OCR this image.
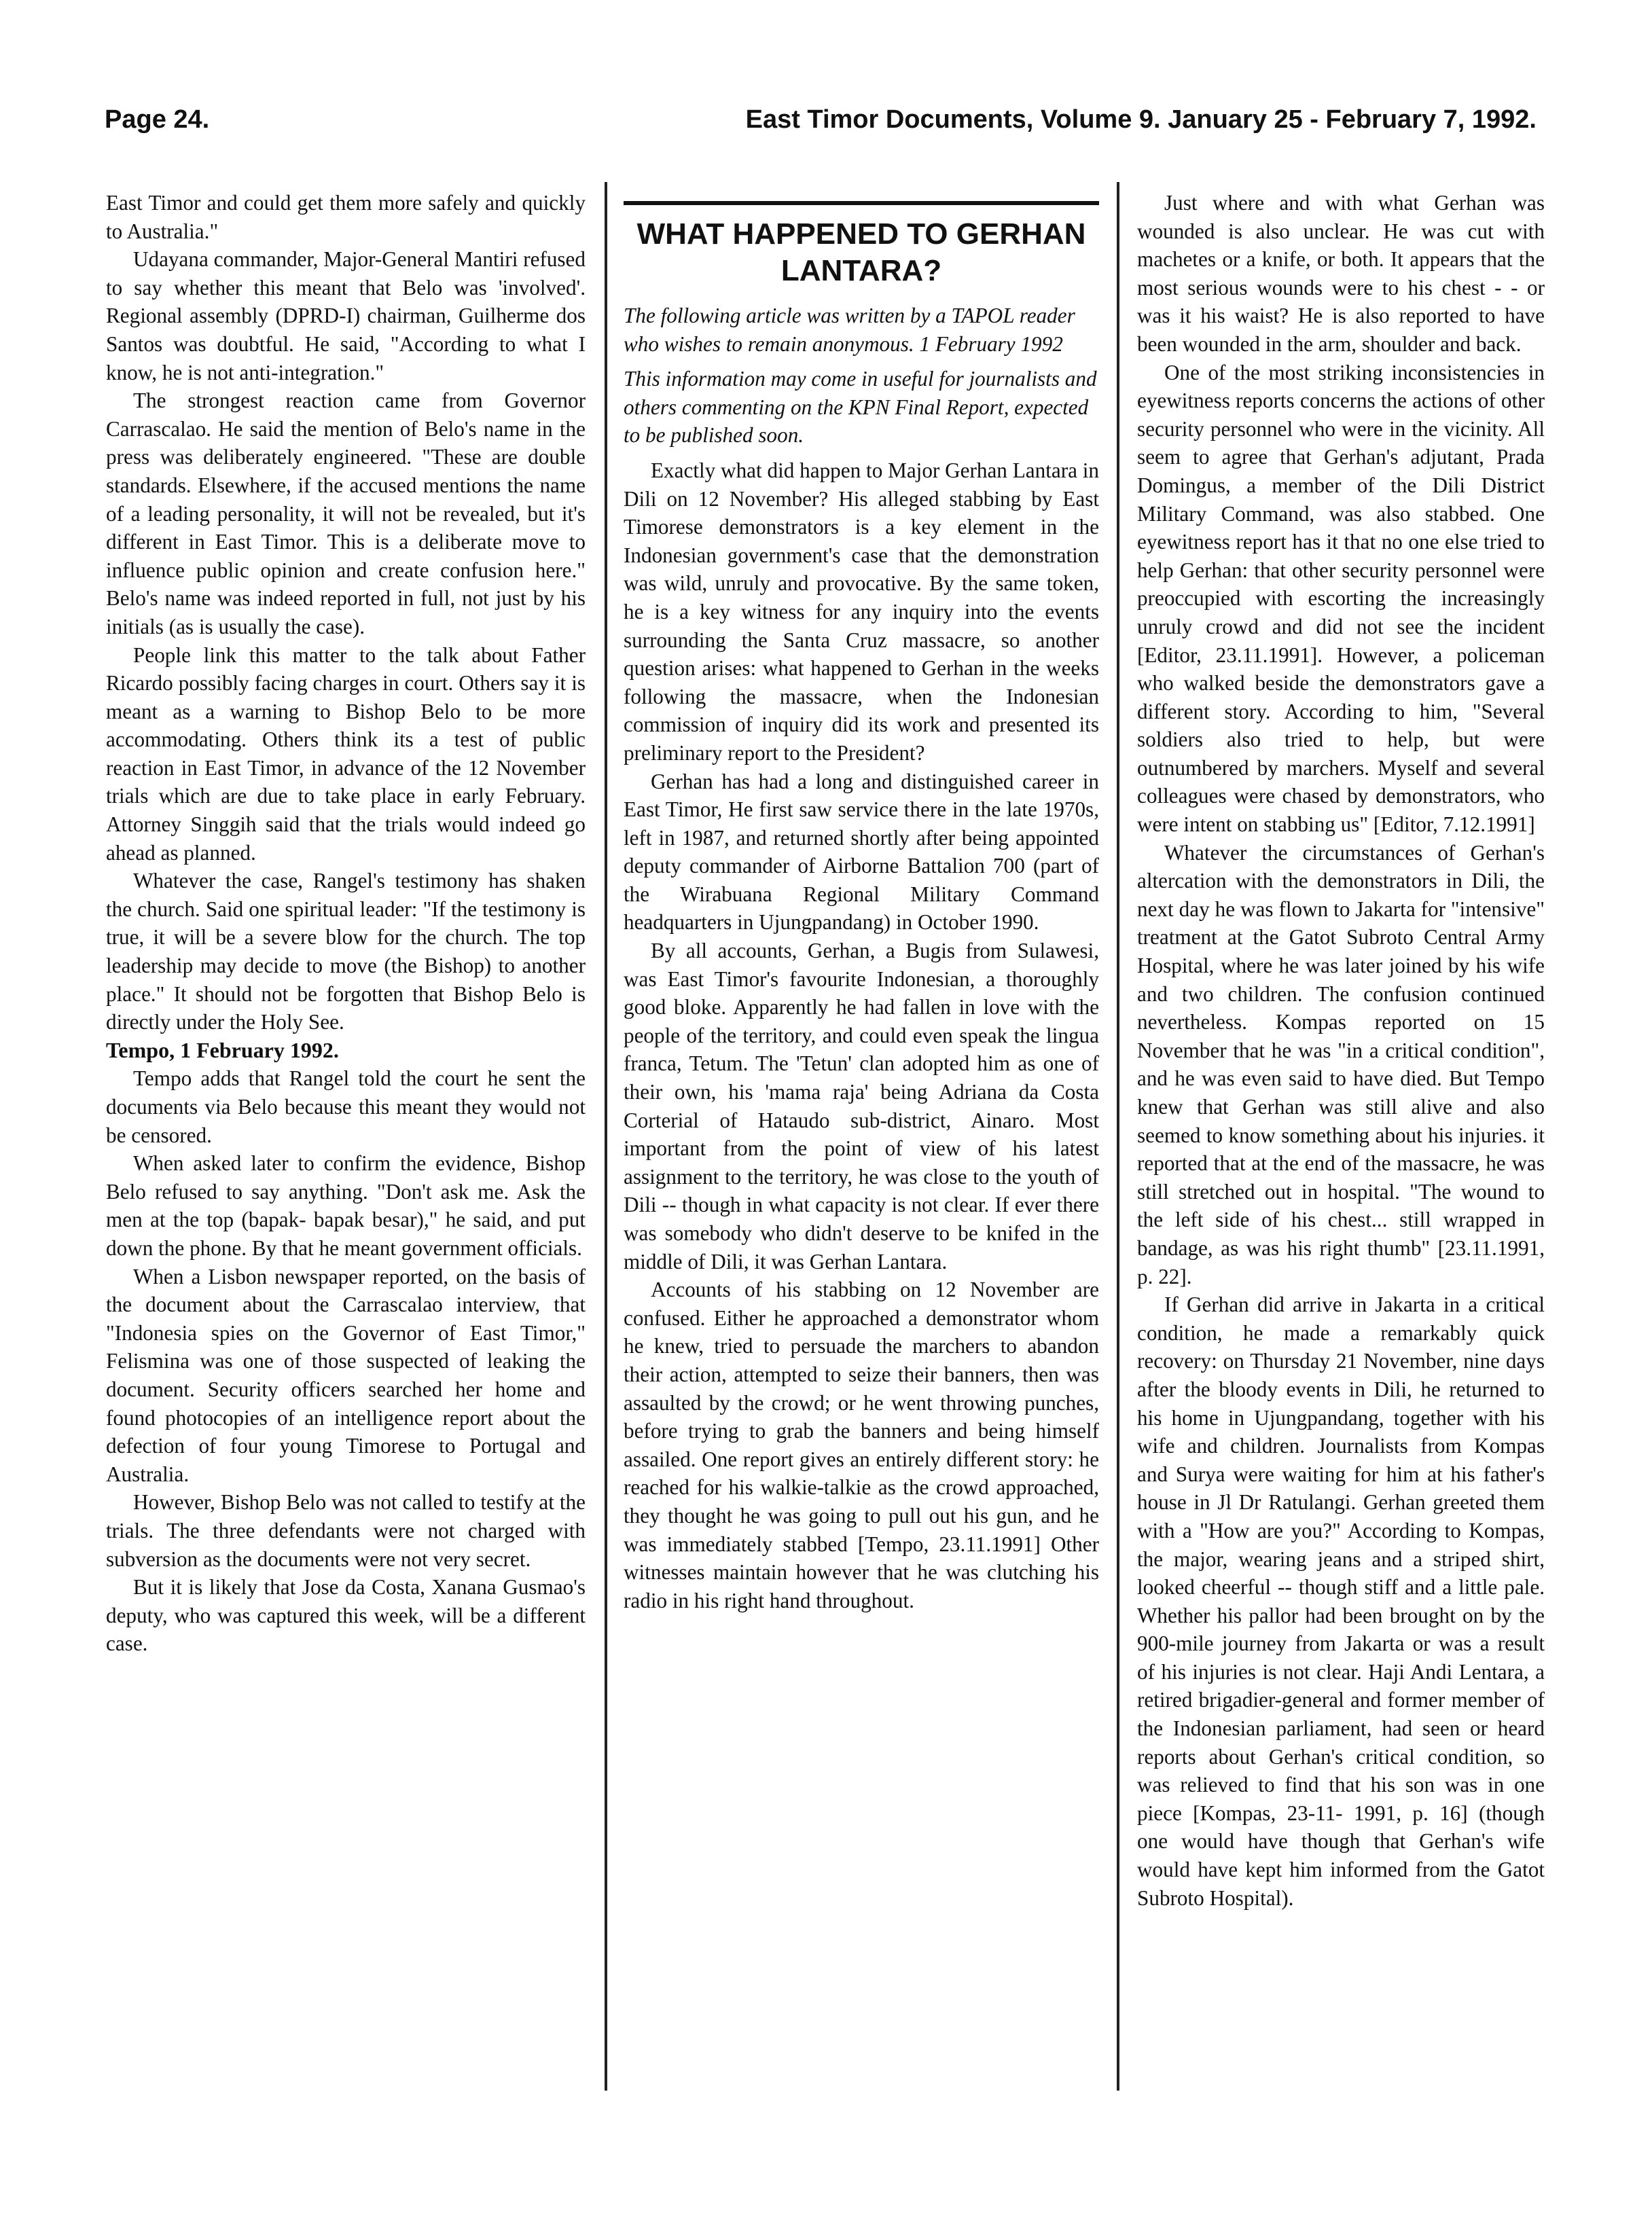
Page 24.	East Timor Documents, Volume 9. January 25 - February 7, 1992.

East Timor and could get them more safely and quickly to Australia."

Udayana commander, Major-General Mantiri refused to say whether this meant that Belo was 'involved'. Regional assembly (DPRD-I) chairman, Guilherme dos Santos was doubtful. He said, "According to what I know, he is not anti-integration."

The strongest reaction came from Governor Carrascalao. He said the mention of Belo's name in the press was deliberately engineered. "These are double standards. Elsewhere, if the accused mentions the name of a leading personality, it will not be revealed, but it's different in East Timor. This is a deliberate move to influence public opinion and create confusion here." Belo's name was indeed reported in full, not just by his initials (as is usually the case).

People link this matter to the talk about Father Ricardo possibly facing charges in court. Others say it is meant as a warning to Bishop Belo to be more accommodating. Others think its a test of public reaction in East Timor, in advance of the 12 November trials which are due to take place in early February. Attorney Singgih said that the trials would indeed go ahead as planned.

Whatever the case, Rangel's testimony has shaken the church. Said one spiritual leader: "If the testimony is true, it will be a severe blow for the church. The top leadership may decide to move (the Bishop) to another place." It should not be forgotten that Bishop Belo is directly under the Holy See.

Tempo, 1 February 1992.

Tempo adds that Rangel told the court he sent the documents via Belo because this meant they would not be censored.

When asked later to confirm the evidence, Bishop Belo refused to say anything. "Don't ask me. Ask the men at the top (bapak- bapak besar)," he said, and put down the phone. By that he meant government officials.

When a Lisbon newspaper reported, on the basis of the document about the Carrascalao interview, that "Indonesia spies on the Governor of East Timor," Felismina was one of those suspected of leaking the document. Security officers searched her home and found photocopies of an intelligence report about the defection of four young Timorese to Portugal and Australia.

However, Bishop Belo was not called to testify at the trials. The three defendants were not charged with subversion as the documents were not very secret.

But it is likely that Jose da Costa, Xanana Gusmao's deputy, who was captured this week, will be a different case.

WHAT HAPPENED TO GERHAN LANTARA?

The following article was written by a TAPOL reader who wishes to remain anonymous. 1 February 1992

This information may come in useful for journalists and others commenting on the KPN Final Report, expected to be published soon.

Exactly what did happen to Major Gerhan Lantara in Dili on 12 November? His alleged stabbing by East Timorese demonstrators is a key element in the Indonesian government's case that the demonstration was wild, unruly and provocative. By the same token, he is a key witness for any inquiry into the events surrounding the Santa Cruz massacre, so another question arises: what happened to Gerhan in the weeks following the massacre, when the Indonesian commission of inquiry did its work and presented its preliminary report to the President?

Gerhan has had a long and distinguished career in East Timor, He first saw service there in the late 1970s, left in 1987, and returned shortly after being appointed deputy commander of Airborne Battalion 700 (part of the Wirabuana Regional Military Command headquarters in Ujungpandang) in October 1990.

By all accounts, Gerhan, a Bugis from Sulawesi, was East Timor's favourite Indonesian, a thoroughly good bloke. Apparently he had fallen in love with the people of the territory, and could even speak the lingua franca, Tetum. The 'Tetun' clan adopted him as one of their own, his 'mama raja' being Adriana da Costa Corterial of Hataudo sub-district, Ainaro. Most important from the point of view of his latest assignment to the territory, he was close to the youth of Dili -- though in what capacity is not clear. If ever there was somebody who didn't deserve to be knifed in the middle of Dili, it was Gerhan Lantara.

Accounts of his stabbing on 12 November are confused. Either he approached a demonstrator whom he knew, tried to persuade the marchers to abandon their action, attempted to seize their banners, then was assaulted by the crowd; or he went throwing punches, before trying to grab the banners and being himself assailed. One report gives an entirely different story: he reached for his walkie-talkie as the crowd approached, they thought he was going to pull out his gun, and he was immediately stabbed [Tempo, 23.11.1991] Other witnesses maintain however that he was clutching his radio in his right hand throughout.

Just where and with what Gerhan was wounded is also unclear. He was cut with machetes or a knife, or both. It appears that the most serious wounds were to his chest - - or was it his waist? He is also reported to have been wounded in the arm, shoulder and back.

One of the most striking inconsistencies in eyewitness reports concerns the actions of other security personnel who were in the vicinity. All seem to agree that Gerhan's adjutant, Prada Domingus, a member of the Dili District Military Command, was also stabbed. One eyewitness report has it that no one else tried to help Gerhan: that other security personnel were preoccupied with escorting the increasingly unruly crowd and did not see the incident [Editor, 23.11.1991]. However, a policeman who walked beside the demonstrators gave a different story. According to him, "Several soldiers also tried to help, but were outnumbered by marchers. Myself and several colleagues were chased by demonstrators, who were intent on stabbing us" [Editor, 7.12.1991]

Whatever the circumstances of Gerhan's altercation with the demonstrators in Dili, the next day he was flown to Jakarta for "intensive" treatment at the Gatot Subroto Central Army Hospital, where he was later joined by his wife and two children. The confusion continued nevertheless. Kompas reported on 15 November that he was "in a critical condition", and he was even said to have died. But Tempo knew that Gerhan was still alive and also seemed to know something about his injuries. it reported that at the end of the massacre, he was still stretched out in hospital. "The wound to the left side of his chest... still wrapped in bandage, as was his right thumb" [23.11.1991, p. 22].

If Gerhan did arrive in Jakarta in a critical condition, he made a remarkably quick recovery: on Thursday 21 November, nine days after the bloody events in Dili, he returned to his home in Ujungpandang, together with his wife and children. Journalists from Kompas and Surya were waiting for him at his father's house in Jl Dr Ratulangi. Gerhan greeted them with a "How are you?" According to Kompas, the major, wearing jeans and a striped shirt, looked cheerful -- though stiff and a little pale. Whether his pallor had been brought on by the 900-mile journey from Jakarta or was a result of his injuries is not clear. Haji Andi Lentara, a retired brigadier-general and former member of the Indonesian parliament, had seen or heard reports about Gerhan's critical condition, so was relieved to find that his son was in one piece [Kompas, 23-11- 1991, p. 16] (though one would have though that Gerhan's wife would have kept him informed from the Gatot Subroto Hospital).
